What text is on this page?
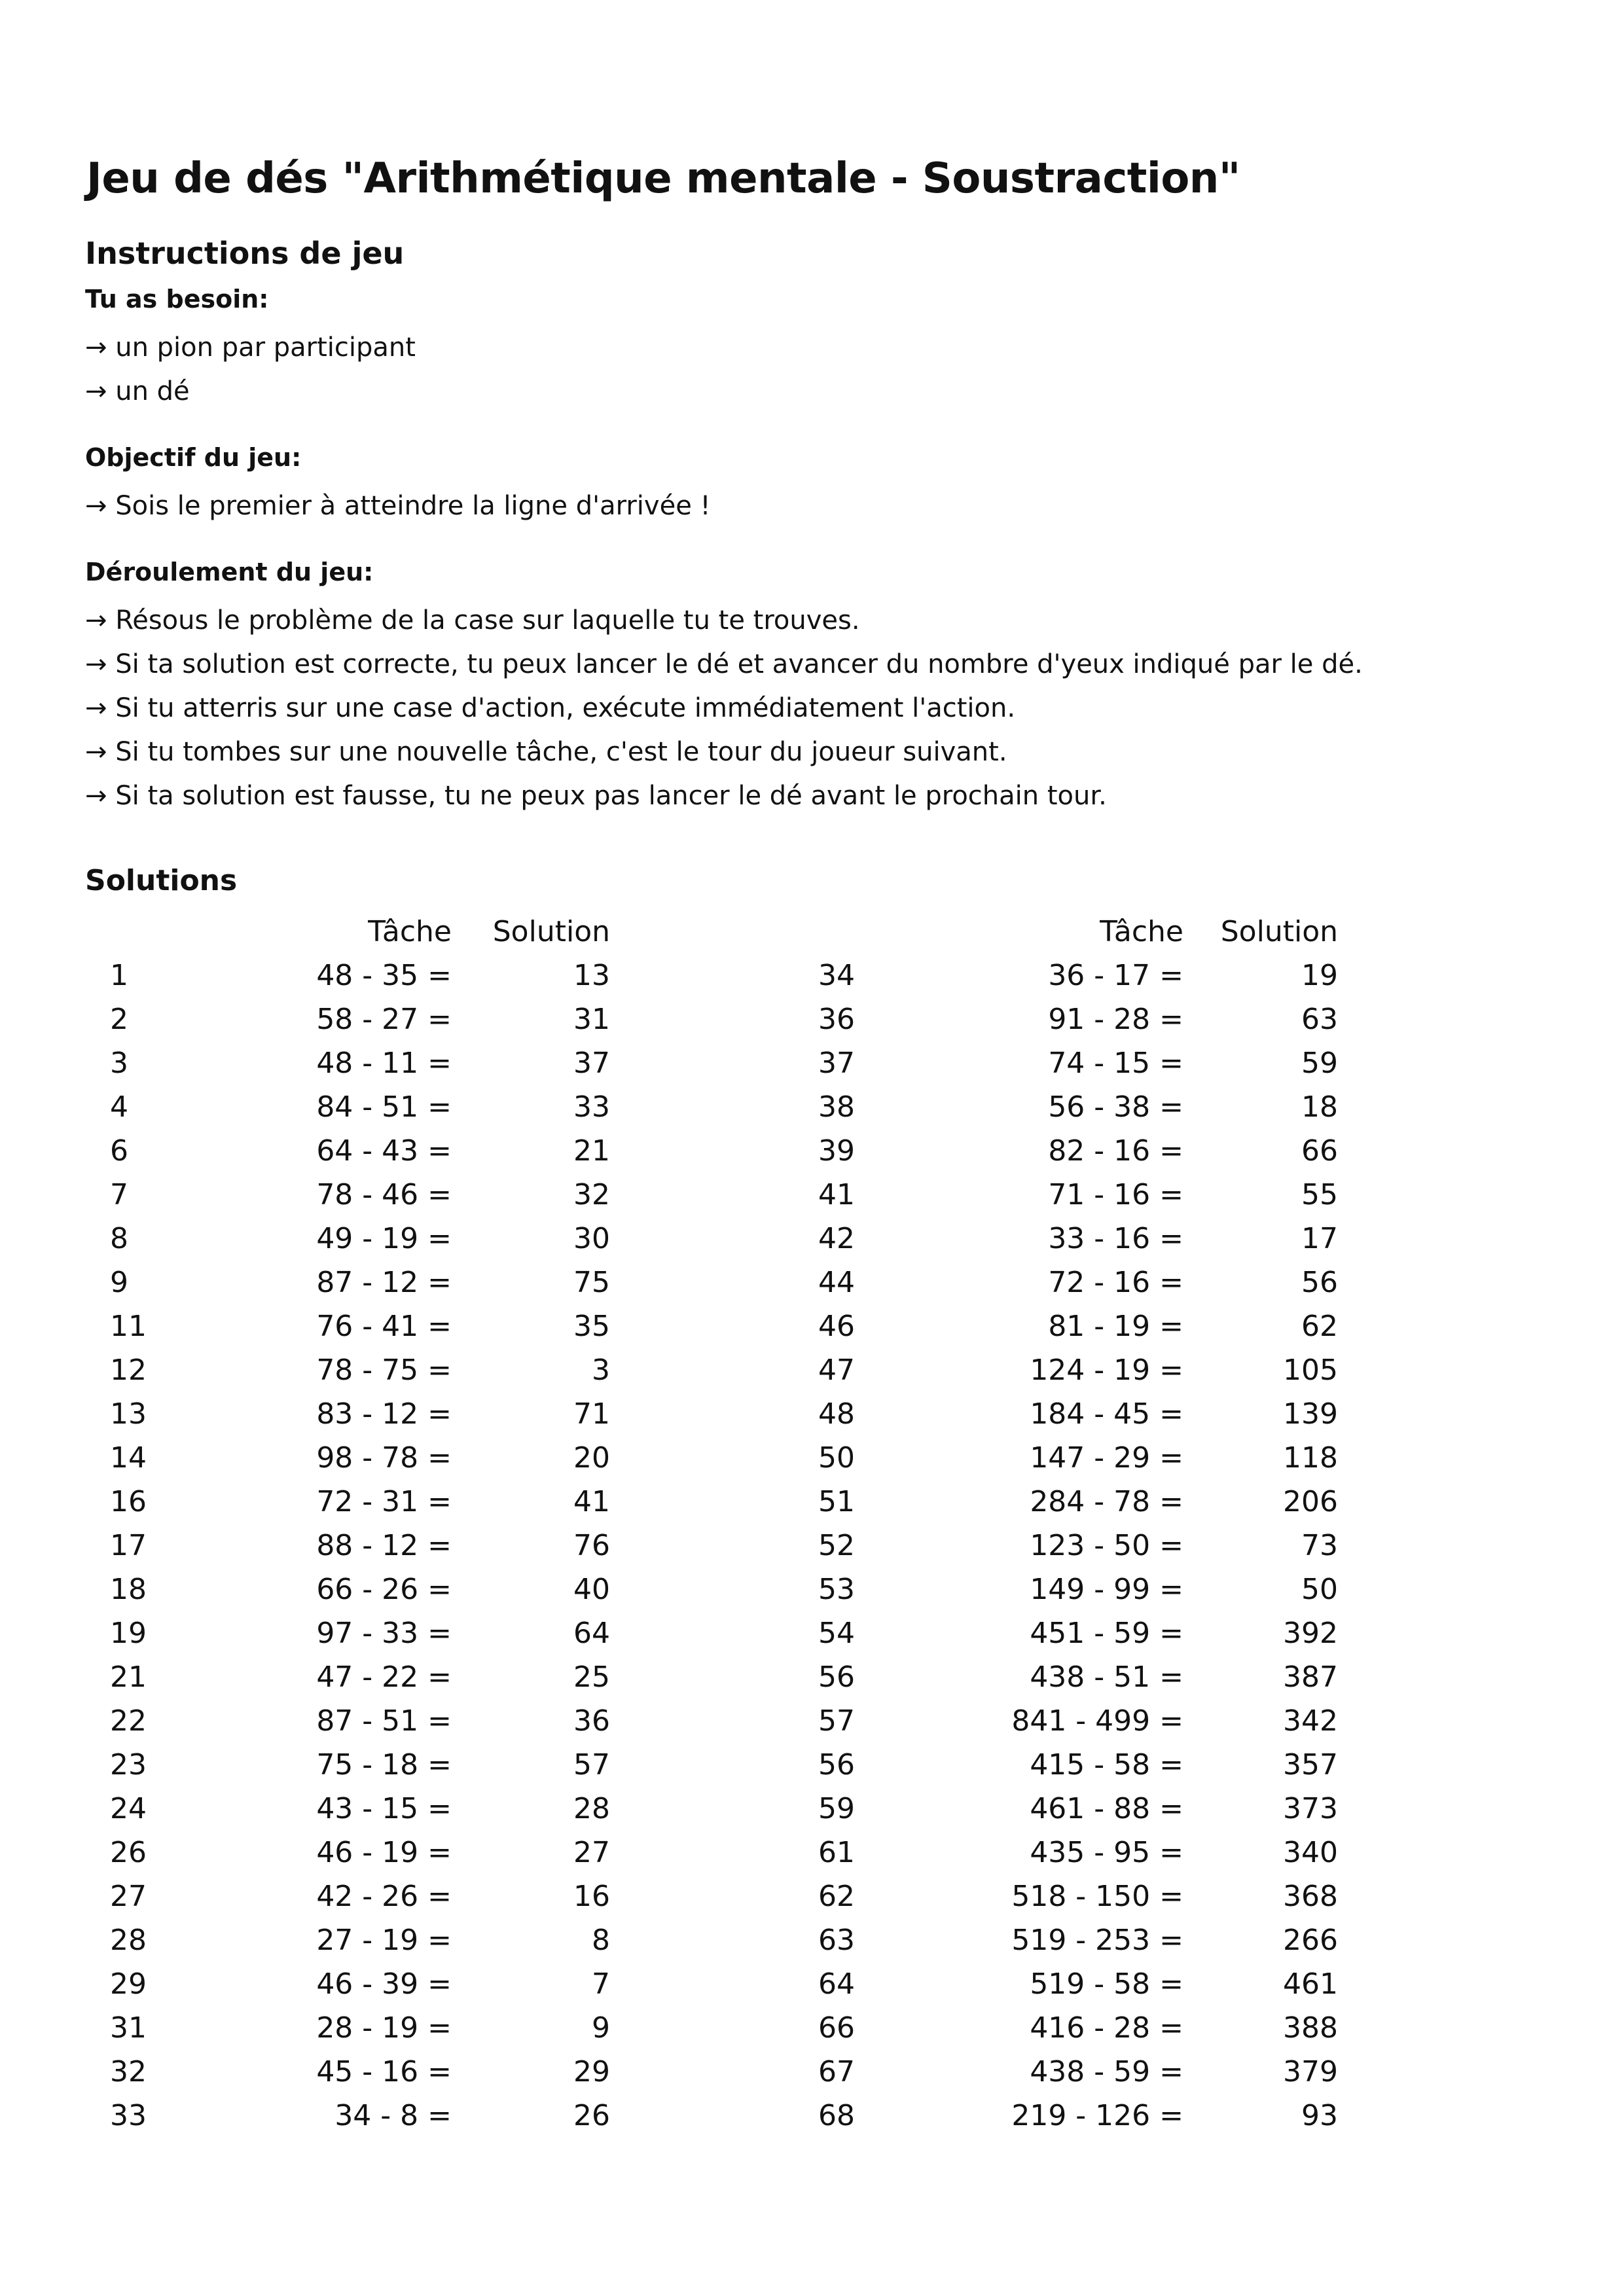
Jeu de dés "Arithmétique mentale - Soustraction"
Instructions de jeu
Tu as besoin:
→ un pion par participant
→ un dé
Objectif du jeu:
→ Sois le premier à atteindre la ligne d'arrivée !
Déroulement du jeu:
→ Résous le problème de la case sur laquelle tu te trouves.
→ Si ta solution est correcte, tu peux lancer le dé et avancer du nombre d'yeux indiqué par le dé.
→ Si tu atterris sur une case d'action, exécute immédiatement l'action.
→ Si tu tombes sur une nouvelle tâche, c'est le tour du joueur suivant.
→ Si ta solution est fausse, tu ne peux pas lancer le dé avant le prochain tour.
Solutions
Tâche	Solution
1	48 - 35 =	13
2	58 - 27 =	31
3	48 - 11 =	37
4	84 - 51 =	33
6	64 - 43 =	21
7	78 - 46 =	32
8	49 - 19 =	30
9	87 - 12 =	75
11	76 - 41 =	35
12	78 - 75 =	3
13	83 - 12 =	71
14	98 - 78 =	20
16	72 - 31 =	41
17	88 - 12 =	76
18	66 - 26 =	40
19	97 - 33 =	64
21	47 - 22 =	25
22	87 - 51 =	36
23	75 - 18 =	57
24	43 - 15 =	28
26	46 - 19 =	27
27	42 - 26 =	16
28	27 - 19 =	8
29	46 - 39 =	7
31	28 - 19 =	9
32	45 - 16 =	29
33	34 - 8 =	26
Tâche	Solution
34	36 - 17 =	19
36	91 - 28 =	63
37	74 - 15 =	59
38	56 - 38 =	18
39	82 - 16 =	66
41	71 - 16 =	55
42	33 - 16 =	17
44	72 - 16 =	56
46	81 - 19 =	62
47	124 - 19 =	105
48	184 - 45 =	139
50	147 - 29 =	118
51	284 - 78 =	206
52	123 - 50 =	73
53	149 - 99 =	50
54	451 - 59 =	392
56	438 - 51 =	387
57	841 - 499 =	342
56	415 - 58 =	357
59	461 - 88 =	373
61	435 - 95 =	340
62	518 - 150 =	368
63	519 - 253 =	266
64	519 - 58 =	461
66	416 - 28 =	388
67	438 - 59 =	379
68	219 - 126 =	93
